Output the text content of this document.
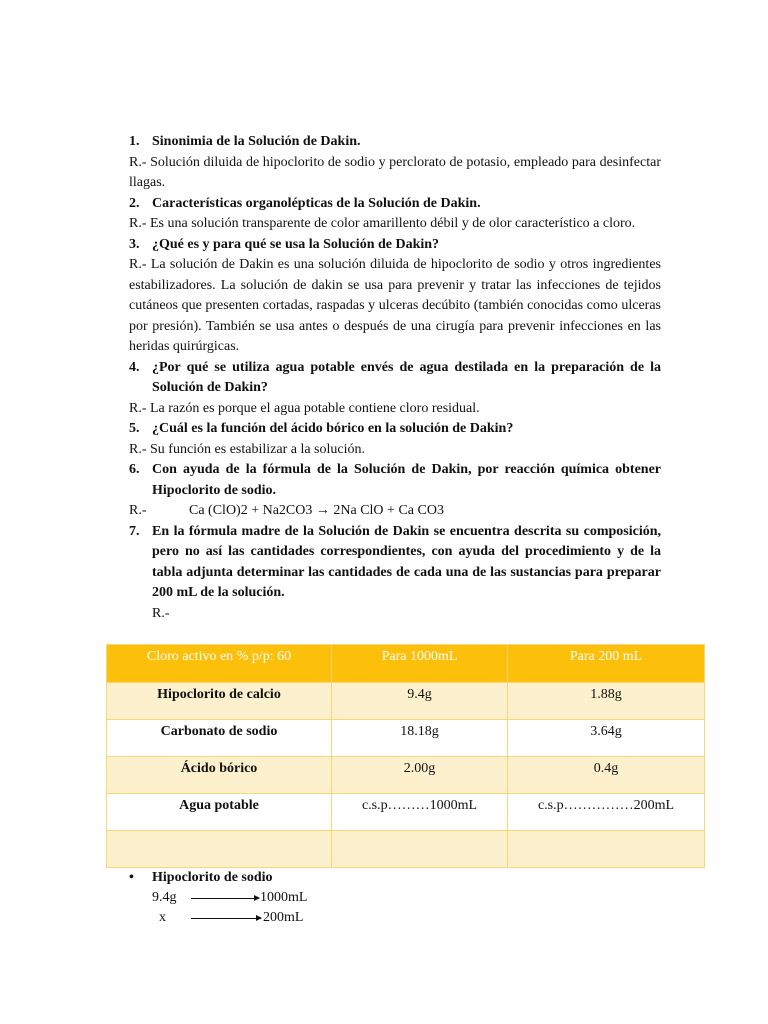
1. Sinonimia de la Solución de Dakin.
R.- Solución diluida de hipoclorito de sodio y perclorato de potasio, empleado para desinfectar llagas.
2. Características organolépticas de la Solución de Dakin.
R.- Es una solución transparente de color amarillento débil y de olor característico a cloro.
3. ¿Qué es y para qué se usa la Solución de Dakin?
R.- La solución de Dakin es una solución diluida de hipoclorito de sodio y otros ingredientes estabilizadores. La solución de dakin se usa para prevenir y tratar las infecciones de tejidos cutáneos que presenten cortadas, raspadas y ulceras decúbito (también conocidas como ulceras por presión). También se usa antes o después de una cirugía para prevenir infecciones en las heridas quirúrgicas.
4. ¿Por qué se utiliza agua potable envés de agua destilada en la preparación de la Solución de Dakin?
R.- La razón es porque el agua potable contiene cloro residual.
5. ¿Cuál es la función del ácido bórico en la solución de Dakin?
R.- Su función es estabilizar a la solución.
6. Con ayuda de la fórmula de la Solución de Dakin, por reacción química obtener Hipoclorito de sodio.
R.-	Ca (ClO)2 + Na2CO3 → 2Na ClO + Ca CO3
7. En la fórmula madre de la Solución de Dakin se encuentra descrita su composición, pero no así las cantidades correspondientes, con ayuda del procedimiento y de la tabla adjunta determinar las cantidades de cada una de las sustancias para preparar 200 mL de la solución.
R.-
Cloro activo en % p/p: 60	Para 1000mL	Para 200 mL
Hipoclorito de calcio	9.4g	1.88g
Carbonato de sodio	18.18g	3.64g
Ácido bórico	2.00g	0.4g
Agua potable	c.s.p………1000mL	c.s.p……………200mL

• Hipoclorito de sodio
9.4g	1000mL
x	200mL
